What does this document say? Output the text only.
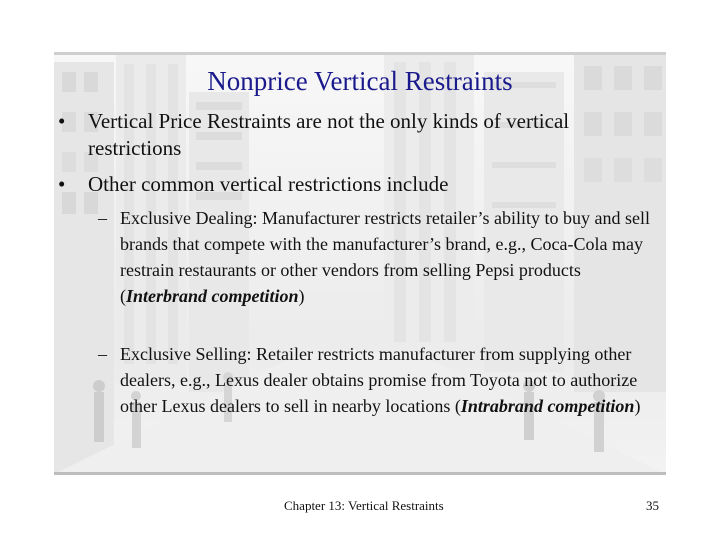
Nonprice Vertical Restraints
•	Vertical Price Restraints are not the only kinds of vertical restrictions
•	Other common vertical restrictions include
– Exclusive Dealing: Manufacturer restricts retailer’s ability to buy and sell brands that compete with the manufacturer’s brand, e.g., Coca-Cola may restrain restaurants or other vendors from selling Pepsi products (Interbrand competition)
– Exclusive Selling: Retailer restricts manufacturer from supplying other dealers, e.g., Lexus dealer obtains promise from Toyota not to authorize other Lexus dealers to sell in nearby locations (Intrabrand competition)
Chapter 13: Vertical Restraints	35
